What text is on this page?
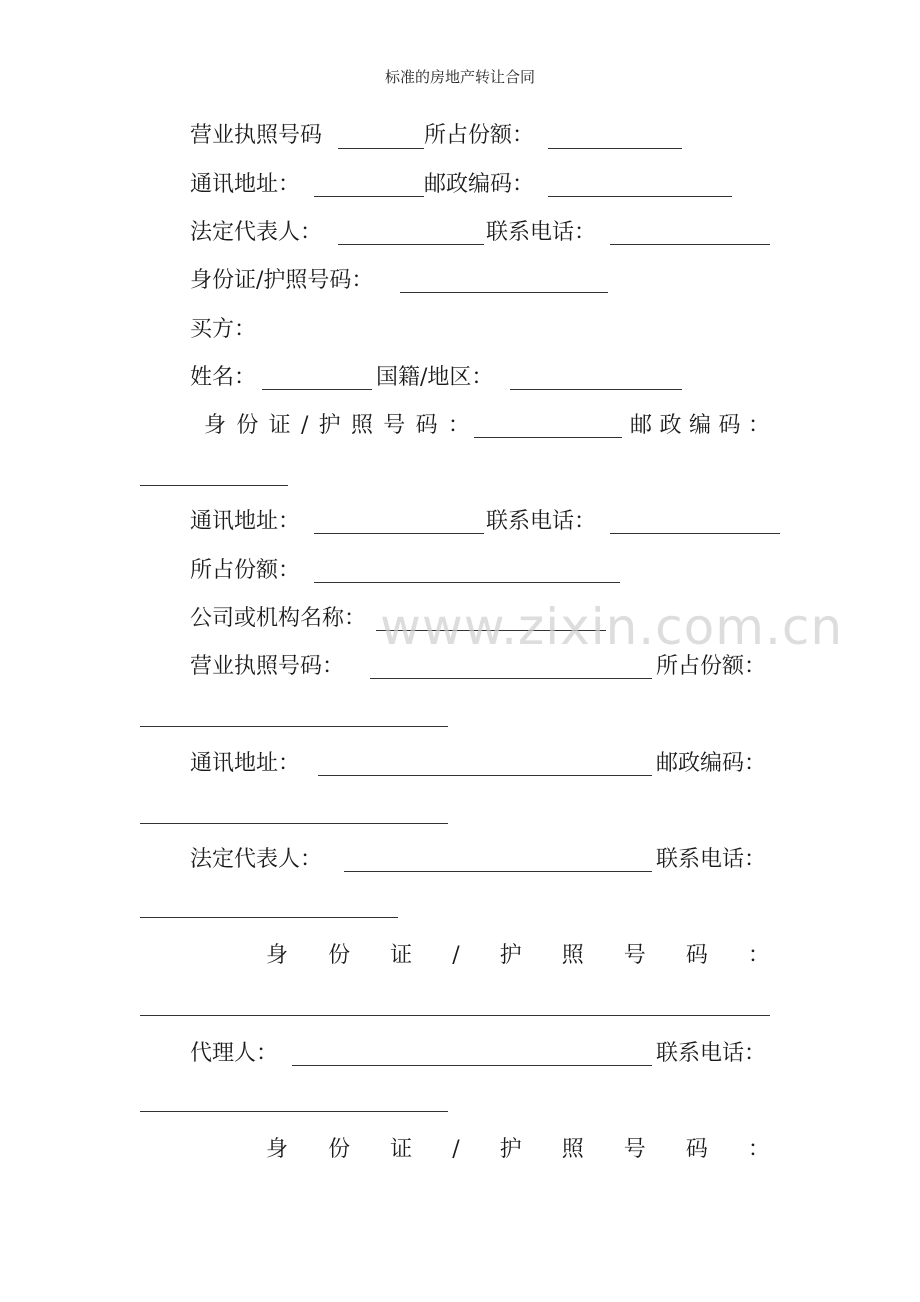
标准的房地产转让合同
营业执照号码	所占份额：
通讯地址：	邮政编码：
法定代表人：	联系电话：
身份证/护照号码：
买方：
姓名：	国籍/地区：
身 份 证 / 护 照 号 码 ：	邮 政 编 码 ：
通讯地址：	联系电话：
所占份额：
公司或机构名称：
营业执照号码：	所占份额：
通讯地址：	邮政编码：
法定代表人：	联系电话：
身 份 证 / 护 照 号 码 ：
代理人：	联系电话：
身 份 证 / 护 照 号 码 ：
www.zixin.com.cn
